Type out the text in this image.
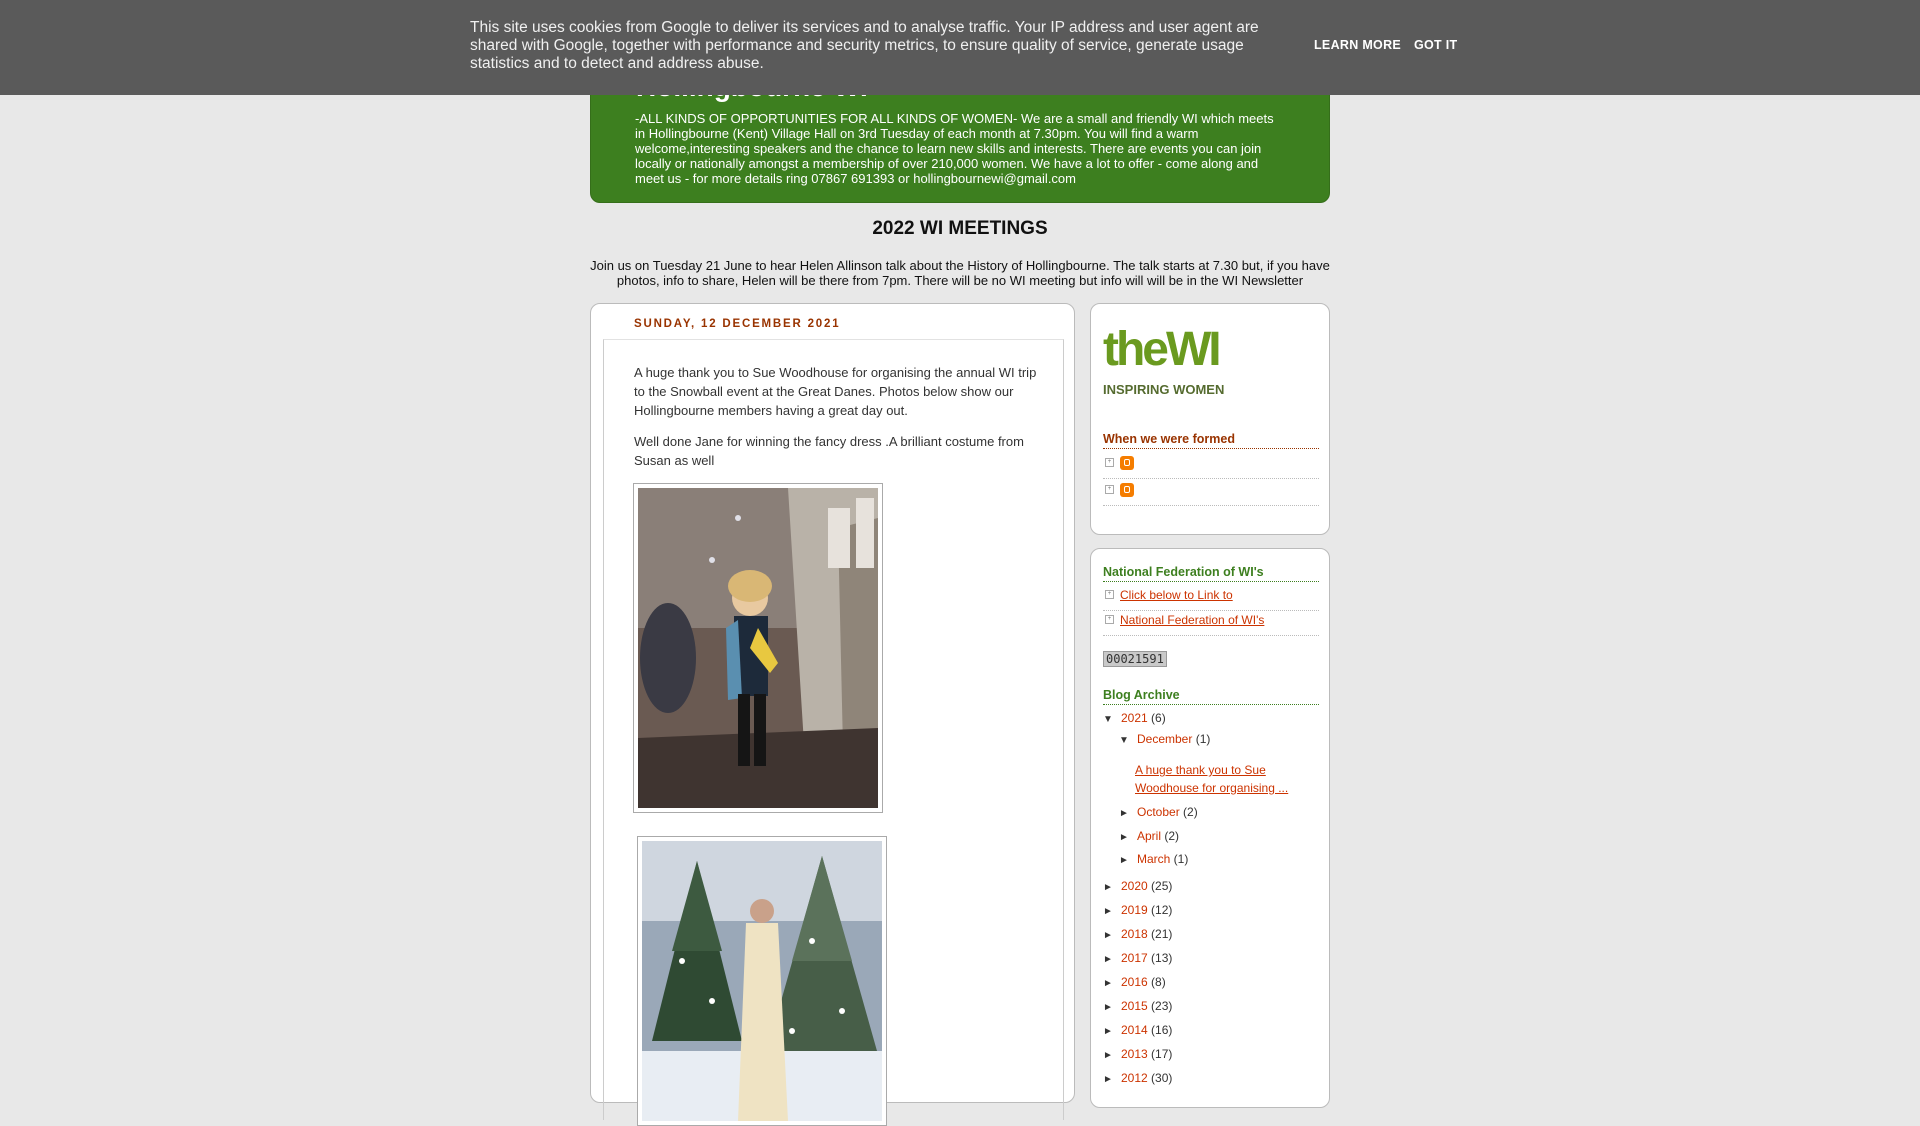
-ALL KINDS OF OPPORTUNITIES FOR ALL KINDS OF WOMEN- We are a small and friendly WI which meets in Hollingbourne (Kent) Village Hall on 3rd Tuesday of each month at 7.30pm. You will find a warm welcome,interesting speakers and the chance to learn new skills and interests. There are events you can join locally or nationally amongst a membership of over 210,000 women. We have a lot to offer - come along and meet us - for more details ring 07867 691393 or hollingbournewi@gmail.com
This site uses cookies from Google to deliver its services and to analyse traffic. Your IP address and user agent are shared with Google, together with performance and security metrics, to ensure quality of service, generate usage statistics and to detect and address abuse.
LEARN MORE GOT IT
2022 WI MEETINGS
Join us on Tuesday 21 June to hear Helen Allinson talk about the History of Hollingbourne. The talk starts at 7.30 but, if you have photos, info to share, Helen will be there from 7pm. There will be no WI meeting but info will will be in the WI Newsletter
SUNDAY, 12 DECEMBER 2021

A huge thank you to Sue Woodhouse for organising the annual WI trip to the Snowball event at the Great Danes. Photos below show our Hollingbourne members having a great day out.

Well done Jane for winning the fancy dress .A brilliant costume from Susan as well

theWI
INSPIRING WOMEN
When we were formed
+
+
National Federation of WI's
+ Click below to Link to
+ National Federation of WI's
00021591
Blog Archive
▼ 2021 (6)
▼ December (1)
A huge thank you to Sue Woodhouse for organising ...
► October (2)
► April (2)
► March (1)
► 2020 (25)
► 2019 (12)
► 2018 (21)
► 2017 (13)
► 2016 (8)
► 2015 (23)
► 2014 (16)
► 2013 (17)
► 2012 (30)
